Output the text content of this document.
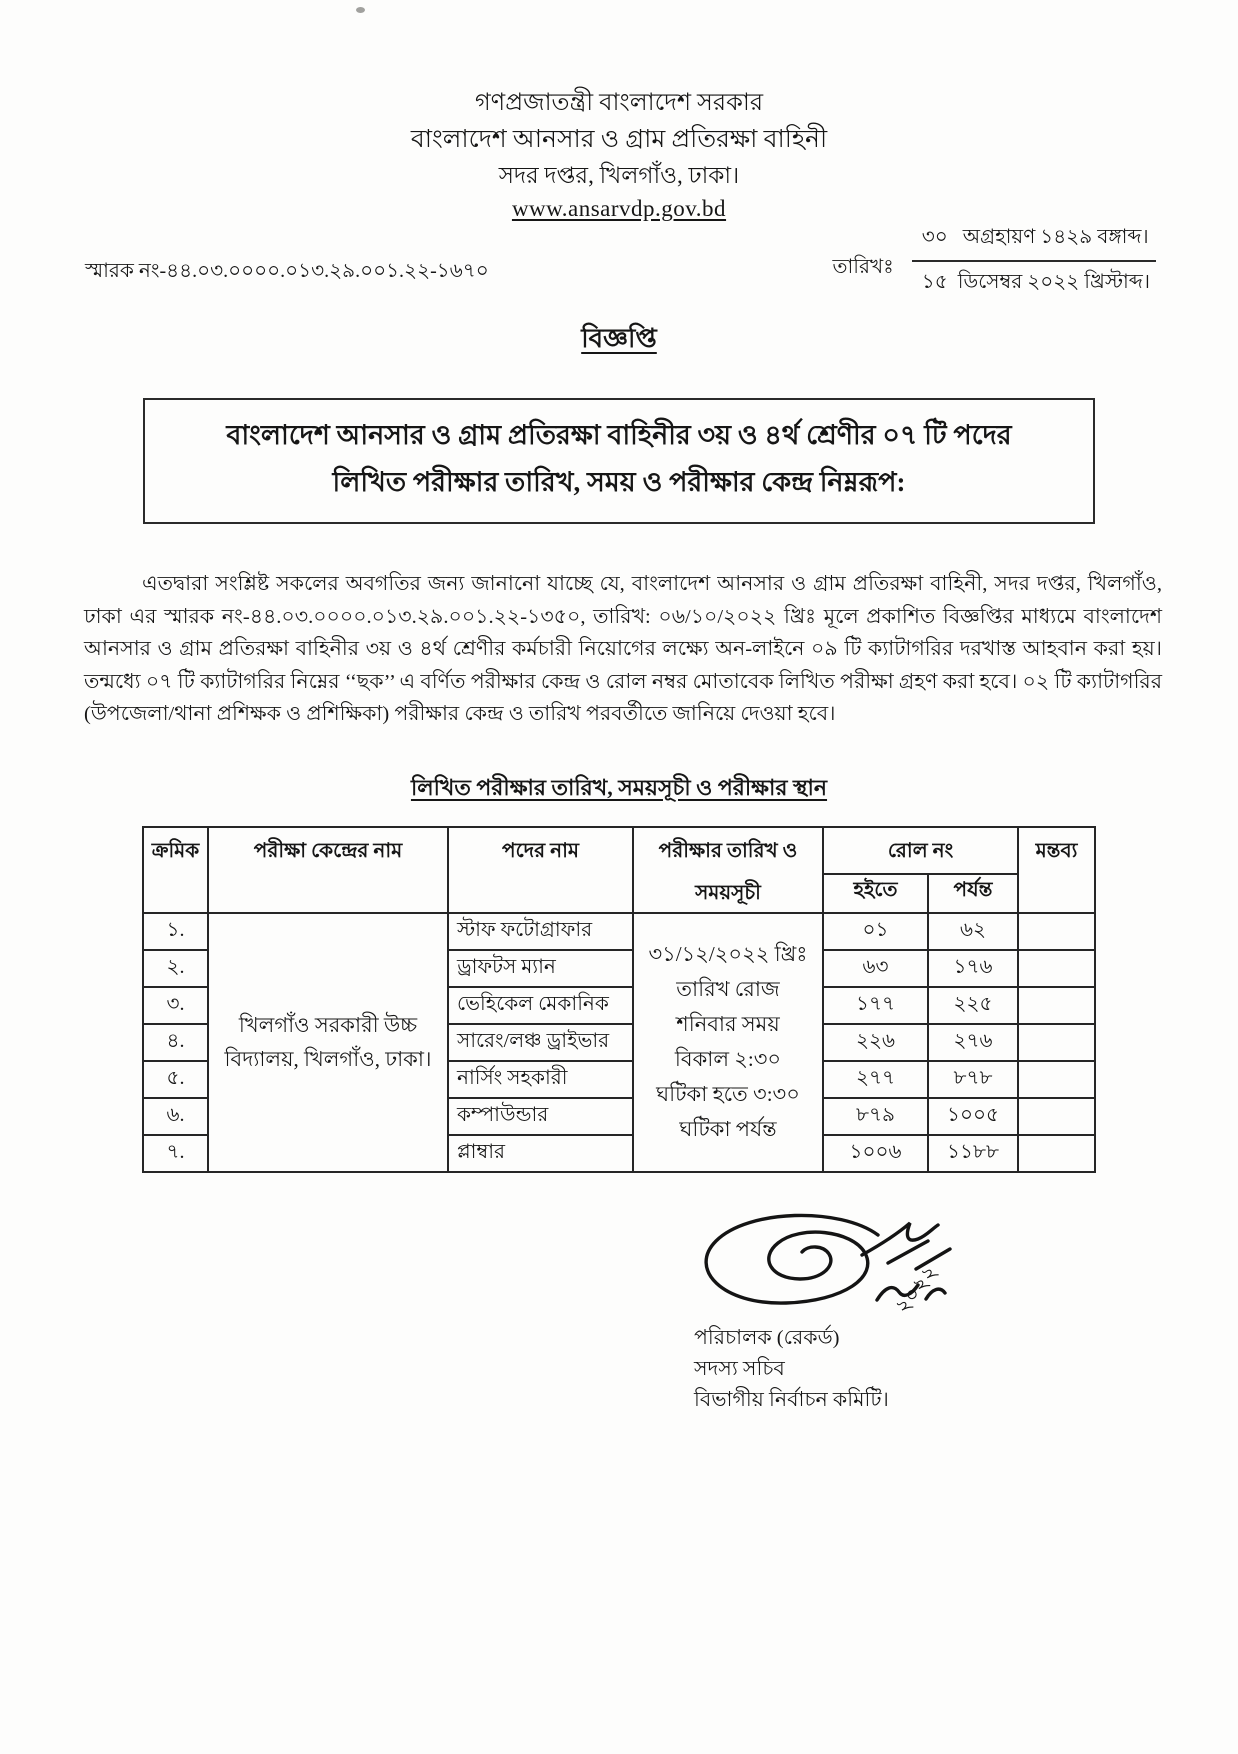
গণপ্রজাতন্ত্রী বাংলাদেশ সরকার
বাংলাদেশ আনসার ও গ্রাম প্রতিরক্ষা বাহিনী
সদর দপ্তর, খিলগাঁও, ঢাকা।
www.ansarvdp.gov.bd
স্মারক নং-৪৪.০৩.০০০০.০১৩.২৯.০০১.২২-১৬৭০	তারিখঃ
৩০   অগ্রহায়ণ ১৪২৯ বঙ্গাব্দ।
১৫  ডিসেম্বর ২০২২ খ্রিস্টাব্দ।
বিজ্ঞপ্তি
বাংলাদেশ আনসার ও গ্রাম প্রতিরক্ষা বাহিনীর ৩য় ও ৪র্থ শ্রেণীর ০৭ টি পদের
লিখিত পরীক্ষার তারিখ, সময় ও পরীক্ষার কেন্দ্র নিম্নরূপ:

এতদ্বারা সংশ্লিষ্ট সকলের অবগতির জন্য জানানো যাচ্ছে যে, বাংলাদেশ আনসার ও গ্রাম প্রতিরক্ষা বাহিনী, সদর দপ্তর, খিলগাঁও, ঢাকা এর স্মারক নং-৪৪.০৩.০০০০.০১৩.২৯.০০১.২২-১৩৫০, তারিখ: ০৬/১০/২০২২ খ্রিঃ মূলে প্রকাশিত বিজ্ঞপ্তির মাধ্যমে বাংলাদেশ আনসার ও গ্রাম প্রতিরক্ষা বাহিনীর ৩য় ও ৪র্থ শ্রেণীর কর্মচারী নিয়োগের লক্ষ্যে অন-লাইনে ০৯ টি ক্যাটাগরির দরখাস্ত আহবান করা হয়। তন্মধ্যে ০৭ টি ক্যাটাগরির নিম্নের ‘‘ছক’’ এ বর্ণিত পরীক্ষার কেন্দ্র ও রোল নম্বর মোতাবেক লিখিত পরীক্ষা গ্রহণ করা হবে। ০২ টি ক্যাটাগরির (উপজেলা/থানা প্রশিক্ষক ও প্রশিক্ষিকা) পরীক্ষার কেন্দ্র ও তারিখ পরবর্তীতে জানিয়ে দেওয়া হবে।

লিখিত পরীক্ষার তারিখ, সময়সূচী ও পরীক্ষার স্থান
ক্রমিক	পরীক্ষা কেন্দ্রের নাম	পদের নাম	পরীক্ষার তারিখ ও
সময়সূচী	রোল নং		মন্তব্য
				হইতে	পর্যন্ত	
১.	খিলগাঁও সরকারী উচ্চ বিদ্যালয়, খিলগাঁও, ঢাকা।	স্টাফ ফটোগ্রাফার	৩১/১২/২০২২ খ্রিঃ তারিখ রোজ শনিবার সময় বিকাল ২:৩০ ঘটিকা হতে ৩:৩০ ঘটিকা পর্যন্ত	০১	৬২	
২.		ড্রাফটস ম্যান		৬৩	১৭৬	
৩.		ভেহিকেল মেকানিক		১৭৭	২২৫	
৪.		সারেং/লঞ্চ ড্রাইভার		২২৬	২৭৬	
৫.		নার্সিং সহকারী		২৭৭	৮৭৮	
৬.		কম্পাউন্ডার		৮৭৯	১০০৫	
৭.		প্লাম্বার		১০০৬	১১৮৮	
২০২২
পরিচালক (রেকর্ড)
সদস্য সচিব
বিভাগীয় নির্বাচন কমিটি।
